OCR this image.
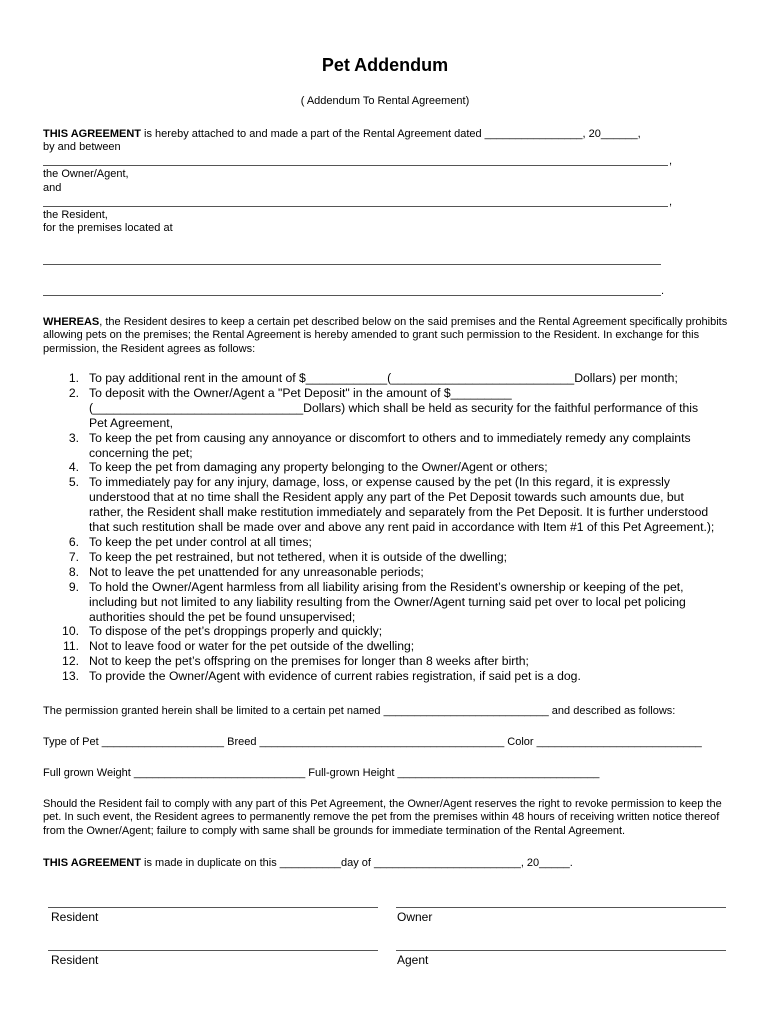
Pet Addendum
( Addendum To Rental Agreement)
THIS AGREEMENT is hereby attached to and made a part of the Rental Agreement dated ________________, 20______,
by and between
,
the Owner/Agent,
and
,
the Resident,
for the premises located at
.
WHEREAS, the Resident desires to keep a certain pet described below on the said premises and the Rental Agreement specifically prohibits allowing pets on the premises; the Rental Agreement is hereby amended to grant such permission to the Resident. In exchange for this permission, the Resident agrees as follows:
1. To pay additional rent in the amount of $____________(___________________________Dollars) per month;
2. To deposit with the Owner/Agent a "Pet Deposit" in the amount of $_________
(_______________________________Dollars) which shall be held as security for the faithful performance of this
Pet Agreement,
3. To keep the pet from causing any annoyance or discomfort to others and to immediately remedy any complaints
concerning the pet;
4. To keep the pet from damaging any property belonging to the Owner/Agent or others;
5. To immediately pay for any injury, damage, loss, or expense caused by the pet (In this regard, it is expressly
understood that at no time shall the Resident apply any part of the Pet Deposit towards such amounts due, but
rather, the Resident shall make restitution immediately and separately from the Pet Deposit. It is further understood
that such restitution shall be made over and above any rent paid in accordance with Item #1 of this Pet Agreement.);
6. To keep the pet under control at all times;
7. To keep the pet restrained, but not tethered, when it is outside of the dwelling;
8. Not to leave the pet unattended for any unreasonable periods;
9. To hold the Owner/Agent harmless from all liability arising from the Resident’s ownership or keeping of the pet,
including but not limited to any liability resulting from the Owner/Agent turning said pet over to local pet policing
authorities should the pet be found unsupervised;
10. To dispose of the pet’s droppings properly and quickly;
11. Not to leave food or water for the pet outside of the dwelling;
12. Not to keep the pet’s offspring on the premises for longer than 8 weeks after birth;
13. To provide the Owner/Agent with evidence of current rabies registration, if said pet is a dog.
The permission granted herein shall be limited to a certain pet named ___________________________ and described as follows:
Type of Pet ____________________ Breed ________________________________________ Color ___________________________
Full grown Weight ____________________________ Full-grown Height _________________________________
Should the Resident fail to comply with any part of this Pet Agreement, the Owner/Agent reserves the right to revoke permission to keep the pet. In such event, the Resident agrees to permanently remove the pet from the premises within 48 hours of receiving written notice thereof from the Owner/Agent; failure to comply with same shall be grounds for immediate termination of the Rental Agreement.
THIS AGREEMENT is made in duplicate on this __________day of ________________________, 20_____.
Resident	Owner
Resident	Agent
